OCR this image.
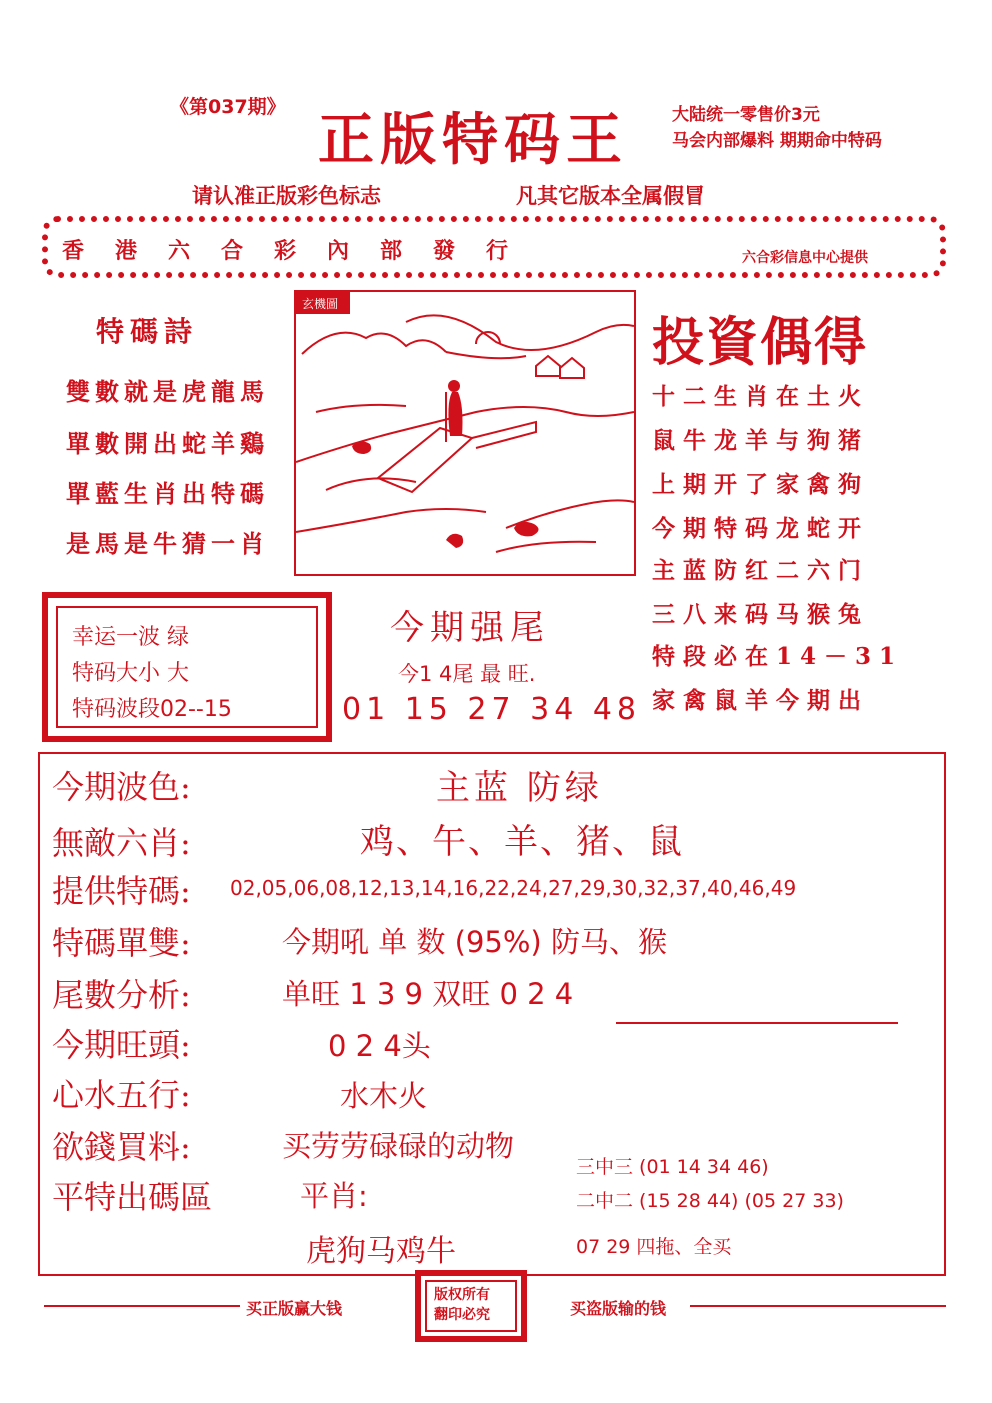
《第037期》 正版特码王	大陆统一零售价3元
马会内部爆料 期期命中特码
请认准正版彩色标志	凡其它版本全属假冒
香港六合彩內部發行	六合彩信息中心提供
特碼詩
雙數就是虎龍馬
單數開出蛇羊鷄
單藍生肖出特碼
是馬是牛猜一肖
玄機圖
投資偶得
十二生肖在土火
鼠牛龙羊与狗猪
上期开了家禽狗
今期特码龙蛇开
主蓝防红二六门
三八来码马猴兔
特段必在14－31
家禽鼠羊今期出
幸运一波 绿
特码大小 大
特码波段02--15
今期强尾
今1 4尾 最 旺.
01 15 27 34 48
今期波色:	主蓝 防绿
無敵六肖:	鸡、午、羊、猪、鼠
提供特碼: 02,05,06,08,12,13,14,16,22,24,27,29,30,32,37,40,46,49
特碼單雙:	今期吼 单 数 (95%) 防马、猴
尾數分析:	单旺 1 3 9 双旺 0 2 4
今期旺頭:	0 2 4头
心水五行:	水木火
欲錢買料:	买劳劳碌碌的动物
平特出碼區	平肖:
虎狗马鸡牛
三中三 (01 14 34 46)
二中二 (15 28 44) (05 27 33)
07 29 四拖、全买
买正版赢大钱
版权所有
翻印必究	买盗版输的钱
